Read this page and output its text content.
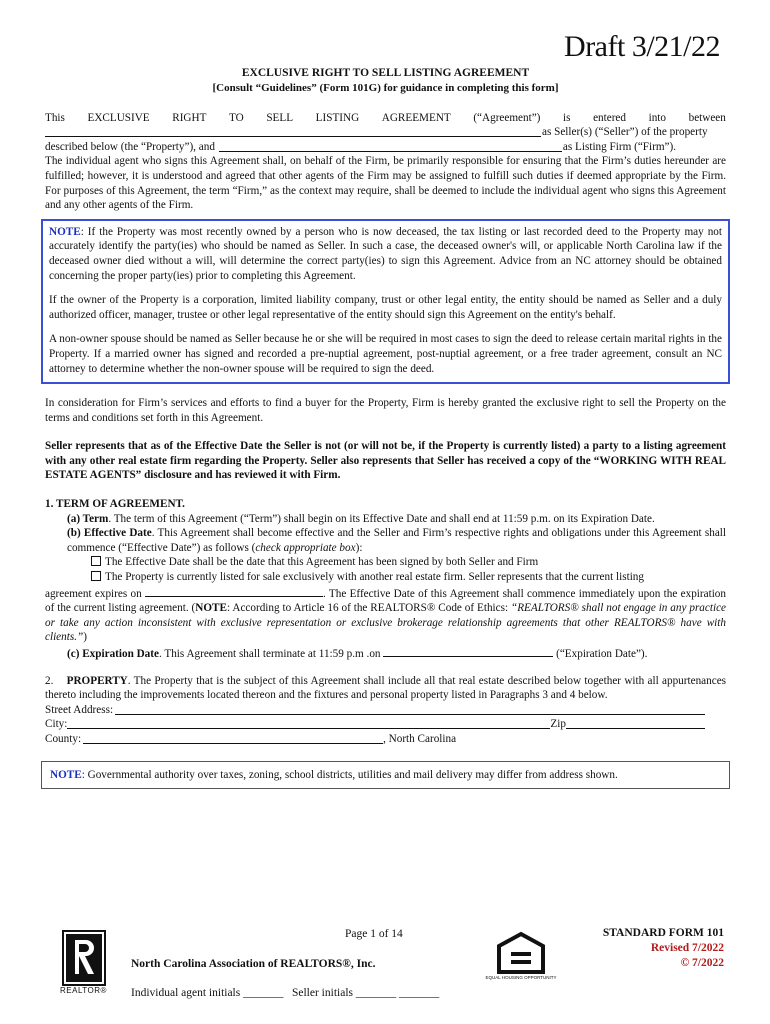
Draft 3/21/22
EXCLUSIVE RIGHT TO SELL LISTING AGREEMENT
[Consult “Guidelines” (Form 101G) for guidance in completing this form]
This EXCLUSIVE RIGHT TO SELL LISTING AGREEMENT (“Agreement”) is entered into between
as Seller(s) (“Seller”) of the property
described below (the “Property”), and	as Listing Firm (“Firm”).

The individual agent who signs this Agreement shall, on behalf of the Firm, be primarily responsible for ensuring that the Firm’s duties hereunder are fulfilled; however, it is understood and agreed that other agents of the Firm may be assigned to fulfill such duties if deemed appropriate by the Firm. For purposes of this Agreement, the term “Firm,” as the context may require, shall be deemed to include the individual agent who signs this Agreement and any other agents of the Firm.

NOTE: If the Property was most recently owned by a person who is now deceased, the tax listing or last recorded deed to the Property may not accurately identify the party(ies) who should be named as Seller. In such a case, the deceased owner's will, or applicable North Carolina law if the deceased owner died without a will, will determine the correct party(ies) to sign this Agreement. Advice from an NC attorney should be obtained concerning the proper party(ies) prior to completing this Agreement.

If the owner of the Property is a corporation, limited liability company, trust or other legal entity, the entity should be named as Seller and a duly authorized officer, manager, trustee or other legal representative of the entity should sign this Agreement on the entity's behalf.

A non-owner spouse should be named as Seller because he or she will be required in most cases to sign the deed to release certain marital rights in the Property. If a married owner has signed and recorded a pre-nuptial agreement, post-nuptial agreement, or a free trader agreement, consult an NC attorney to determine whether the non-owner spouse will be required to sign the deed.

In consideration for Firm’s services and efforts to find a buyer for the Property, Firm is hereby granted the exclusive right to sell the Property on the terms and conditions set forth in this Agreement.

Seller represents that as of the Effective Date the Seller is not (or will not be, if the Property is currently listed) a party to a listing agreement with any other real estate firm regarding the Property. Seller also represents that Seller has received a copy of the “WORKING WITH REAL ESTATE AGENTS” disclosure and has reviewed it with Firm.

1. TERM OF AGREEMENT.

(a) Term. The term of this Agreement (“Term”) shall begin on its Effective Date and shall end at 11:59 p.m. on its Expiration Date.

(b) Effective Date. This Agreement shall become effective and the Seller and Firm’s respective rights and obligations under this Agreement shall commence (“Effective Date”) as follows (check appropriate box):

The Effective Date shall be the date that this Agreement has been signed by both Seller and Firm

The Property is currently listed for sale exclusively with another real estate firm. Seller represents that the current listing

agreement expires on	. The Effective Date of this Agreement shall commence immediately upon the expiration of the current listing agreement. (NOTE: According to Article 16 of the REALTORS® Code of Ethics: “REALTORS® shall not engage in any practice or take any action inconsistent with exclusive representation or exclusive brokerage relationship agreements that other REALTORS® have with clients.”)

(c) Expiration Date. This Agreement shall terminate at 11:59 p.m .on	(“Expiration Date”).

2. PROPERTY. The Property that is the subject of this Agreement shall include all that real estate described below together with all appurtenances thereto including the improvements located thereon and the fixtures and personal property listed in Paragraphs 3 and 4 below.

Street Address:
City:	Zip
County:	, North Carolina
NOTE: Governmental authority over taxes, zoning, school districts, utilities and mail delivery may differ from address shown.
REALTOR®
Page 1 of 14
North Carolina Association of REALTORS®, Inc.
EQUAL HOUSING OPPORTUNITY
STANDARD FORM 101
Revised 7/2022
© 7/2022
Individual agent initials _______ Seller initials _______ _______
